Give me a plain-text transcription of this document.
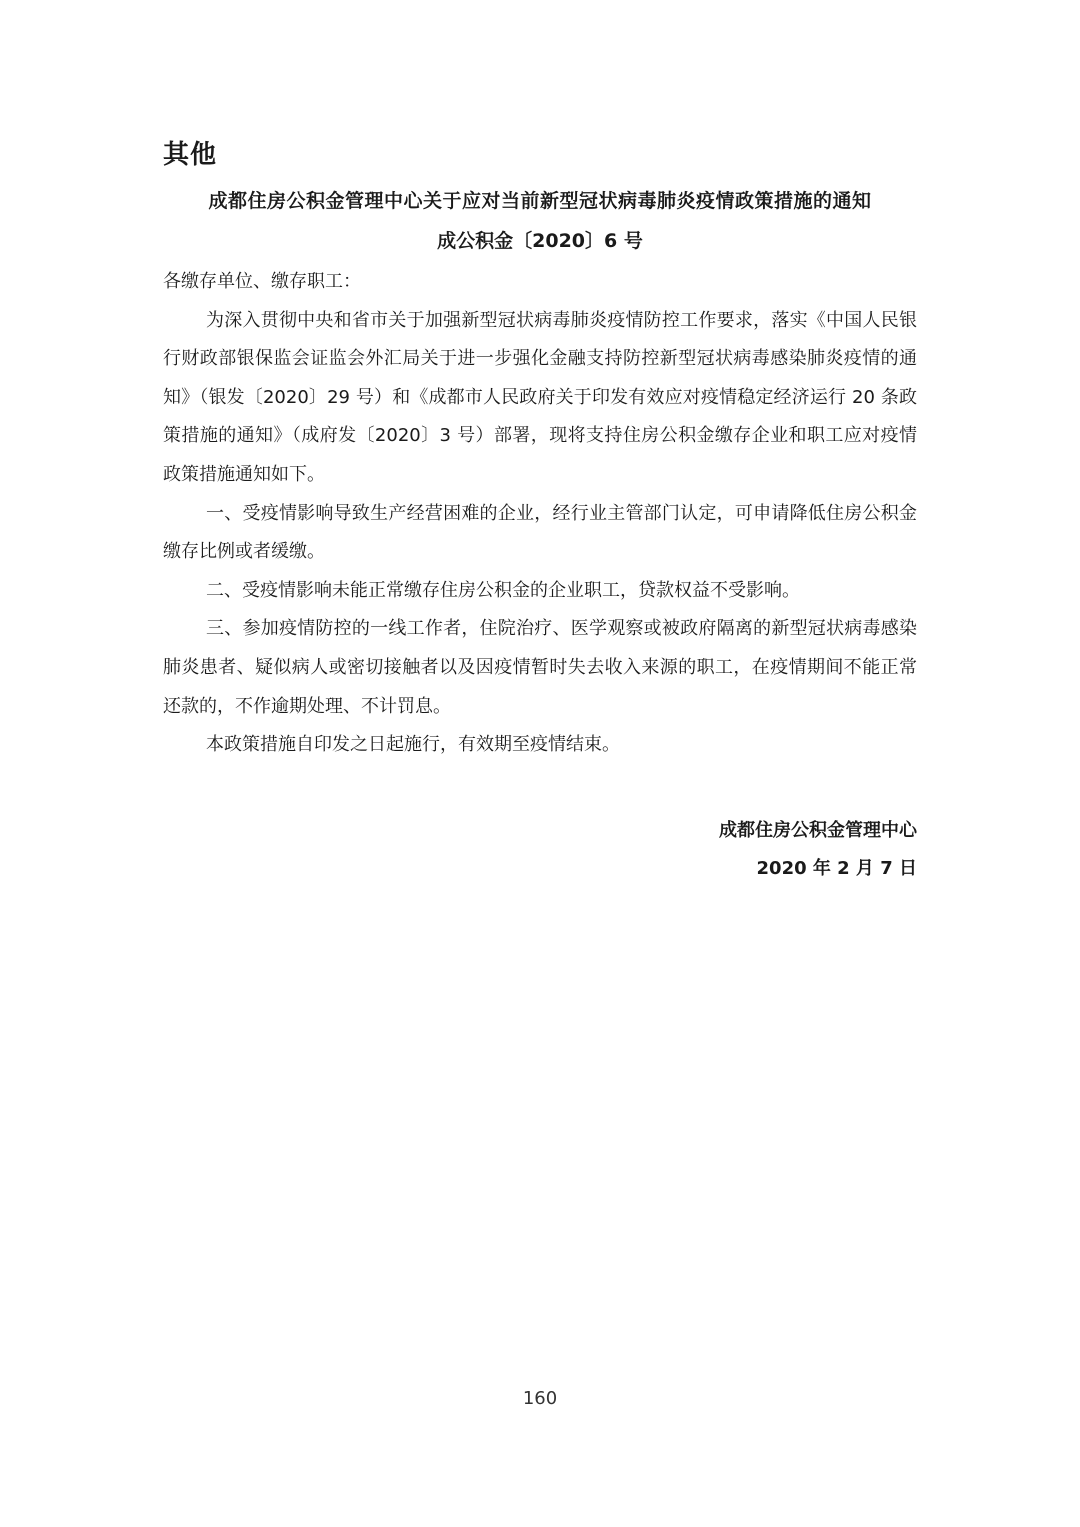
其他
成都住房公积金管理中心关于应对当前新型冠状病毒肺炎疫情政策措施的通知
成公积金〔2020〕6 号

各缴存单位、缴存职工：

为深入贯彻中央和省市关于加强新型冠状病毒肺炎疫情防控工作要求，落实《中国人民银行财政部银保监会证监会外汇局关于进一步强化金融支持防控新型冠状病毒感染肺炎疫情的通知》（银发〔2020〕29 号）和《成都市人民政府关于印发有效应对疫情稳定经济运行 20 条政策措施的通知》（成府发〔2020〕3 号）部署，现将支持住房公积金缴存企业和职工应对疫情政策措施通知如下。

一、受疫情影响导致生产经营困难的企业，经行业主管部门认定，可申请降低住房公积金缴存比例或者缓缴。

二、受疫情影响未能正常缴存住房公积金的企业职工，贷款权益不受影响。

三、参加疫情防控的一线工作者，住院治疗、医学观察或被政府隔离的新型冠状病毒感染肺炎患者、疑似病人或密切接触者以及因疫情暂时失去收入来源的职工，在疫情期间不能正常还款的，不作逾期处理、不计罚息。

本政策措施自印发之日起施行，有效期至疫情结束。

成都住房公积金管理中心
2020 年 2 月 7 日
160
